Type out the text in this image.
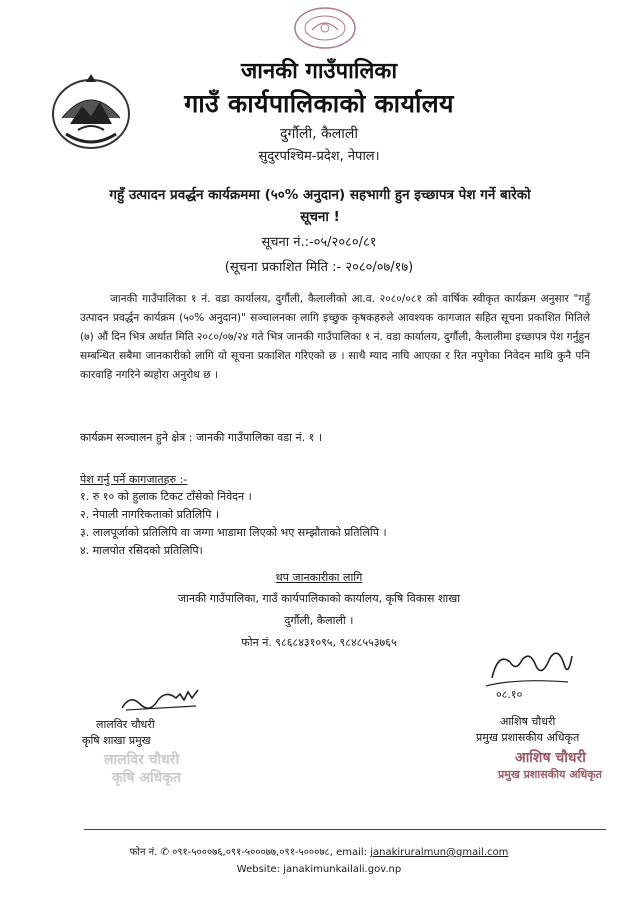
जानकी गाउँपालिका
गाउँ कार्यपालिकाको कार्यालय
दुर्गौली, कैलाली
सुदुरपश्चिम-प्रदेश, नेपाल।
गहुँ उत्पादन प्रवर्द्धन कार्यक्रममा (५०% अनुदान) सहभागी हुन इच्छापत्र पेश गर्ने बारेको
सूचना !
सूचना नं.:-०५/२०८०/८१
(सूचना प्रकाशित मिति :- २०८०/०७/१७)
जानकी गाउँपालिका १ नं. वडा कार्यालय, दुर्गौली, कैलालीको आ.व. २०८०/०८१ को वार्षिक स्वीकृत कार्यक्रम अनुसार "गहुँ उत्पादन प्रवर्द्धन कार्यक्रम (५०% अनुदान)" सञ्चालनका लागि इच्छुक कृषकहरुले आवश्यक कागजात सहित सूचना प्रकाशित मितिले (७) औं दिन भित्र अर्थात मिति २०८०/०७/२४ गते भित्र जानकी गाउँपालिका १ नं. वडा कार्यालय, दुर्गौली, कैलालीमा इच्छापत्र पेश गर्नुहुन सम्बन्धित सबैमा जानकारीको लागि यो सूचना प्रकाशित गरिएको छ । साथै म्याद नाघि आएका र रित नपुगेका निवेदन माथि कुनै पनि कारवाहि नगरिने ब्यहोरा अनुरोध छ ।
कार्यक्रम सञ्चालन हुने क्षेत्र : जानकी गाउँपालिका वडा नं. १ ।
पेश गर्नु पर्ने कागजातहरु :-
१. रु १० को हुलाक टिकट टाँसेको निवेदन ।
२. नेपाली नागरिकताको प्रतिलिपि ।
३. लालपूर्जाको प्रतिलिपि वा जग्गा भाडामा लिएको भए सम्झौताको प्रतिलिपि ।
४. मालपोत रसिदको प्रतिलिपि।
थप जानकारीका लागि
जानकी गाउँपालिका, गाउँ कार्यपालिकाको कार्यालय, कृषि विकास शाखा
दुर्गौली, कैलाली ।
फोन नं. ९८६८४३१०९५, ९८४८५५३७६५
०८.१०
लालविर चौधरी
कृषि शाखा प्रमुख
लालविर चौधरी
कृषि अधिकृत
आशिष चौधरी
प्रमुख प्रशासकीय अधिकृत
आशिष चौधरी
प्रमुख प्रशासकीय अधिकृत
फोन नं. ✆ ०९१-५०००७६,०९१-५०००७७,०९१-५०००७८, email: janakiruralmun@gmail.com
Website: janakimunkailali.gov.np
